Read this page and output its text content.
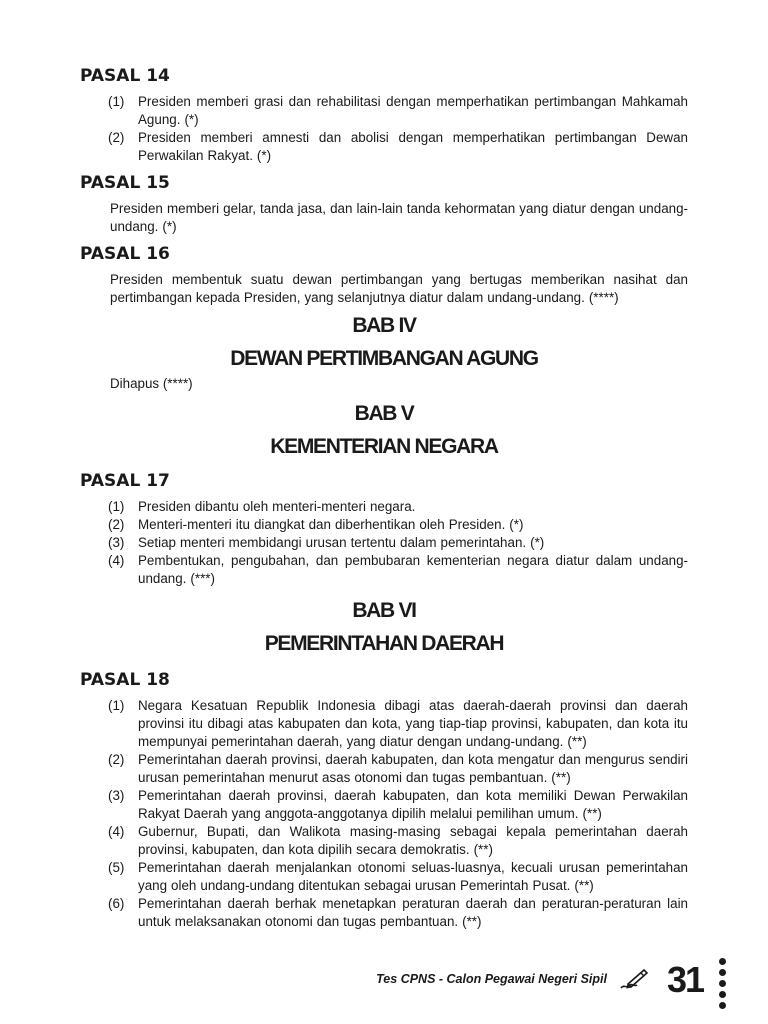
PASAL 14
(1) Presiden memberi grasi dan rehabilitasi dengan memperhatikan pertimbangan Mahkamah Agung. (*)
(2) Presiden memberi amnesti dan abolisi dengan memperhatikan pertimbangan Dewan Perwakilan Rakyat. (*)
PASAL 15

Presiden memberi gelar, tanda jasa, dan lain-lain tanda kehormatan yang diatur dengan undang-undang. (*)

PASAL 16

Presiden membentuk suatu dewan pertimbangan yang bertugas memberikan nasihat dan pertimbangan kepada Presiden, yang selanjutnya diatur dalam undang-undang. (****)

BAB IV
DEWAN PERTIMBANGAN AGUNG

Dihapus (****)

BAB V
KEMENTERIAN NEGARA
PASAL 17
(1) Presiden dibantu oleh menteri-menteri negara.
(2) Menteri-menteri itu diangkat dan diberhentikan oleh Presiden. (*)
(3) Setiap menteri membidangi urusan tertentu dalam pemerintahan. (*)
(4) Pembentukan, pengubahan, dan pembubaran kementerian negara diatur dalam undang-undang. (***)
BAB VI
PEMERINTAHAN DAERAH
PASAL 18
(1) Negara Kesatuan Republik Indonesia dibagi atas daerah-daerah provinsi dan daerah provinsi itu dibagi atas kabupaten dan kota, yang tiap-tiap provinsi, kabupaten, dan kota itu mempunyai pemerintahan daerah, yang diatur dengan undang-undang. (**)
(2) Pemerintahan daerah provinsi, daerah kabupaten, dan kota mengatur dan mengurus sendiri urusan pemerintahan menurut asas otonomi dan tugas pembantuan. (**)
(3) Pemerintahan daerah provinsi, daerah kabupaten, dan kota memiliki Dewan Perwakilan Rakyat Daerah yang anggota-anggotanya dipilih melalui pemilihan umum. (**)
(4) Gubernur, Bupati, dan Walikota masing-masing sebagai kepala pemerintahan daerah provinsi, kabupaten, dan kota dipilih secara demokratis. (**)
(5) Pemerintahan daerah menjalankan otonomi seluas-luasnya, kecuali urusan pemerintahan yang oleh undang-undang ditentukan sebagai urusan Pemerintah Pusat. (**)
(6) Pemerintahan daerah berhak menetapkan peraturan daerah dan peraturan-peraturan lain untuk melaksanakan otonomi dan tugas pembantuan. (**)
Tes CPNS - Calon Pegawai Negeri Sipil 31
